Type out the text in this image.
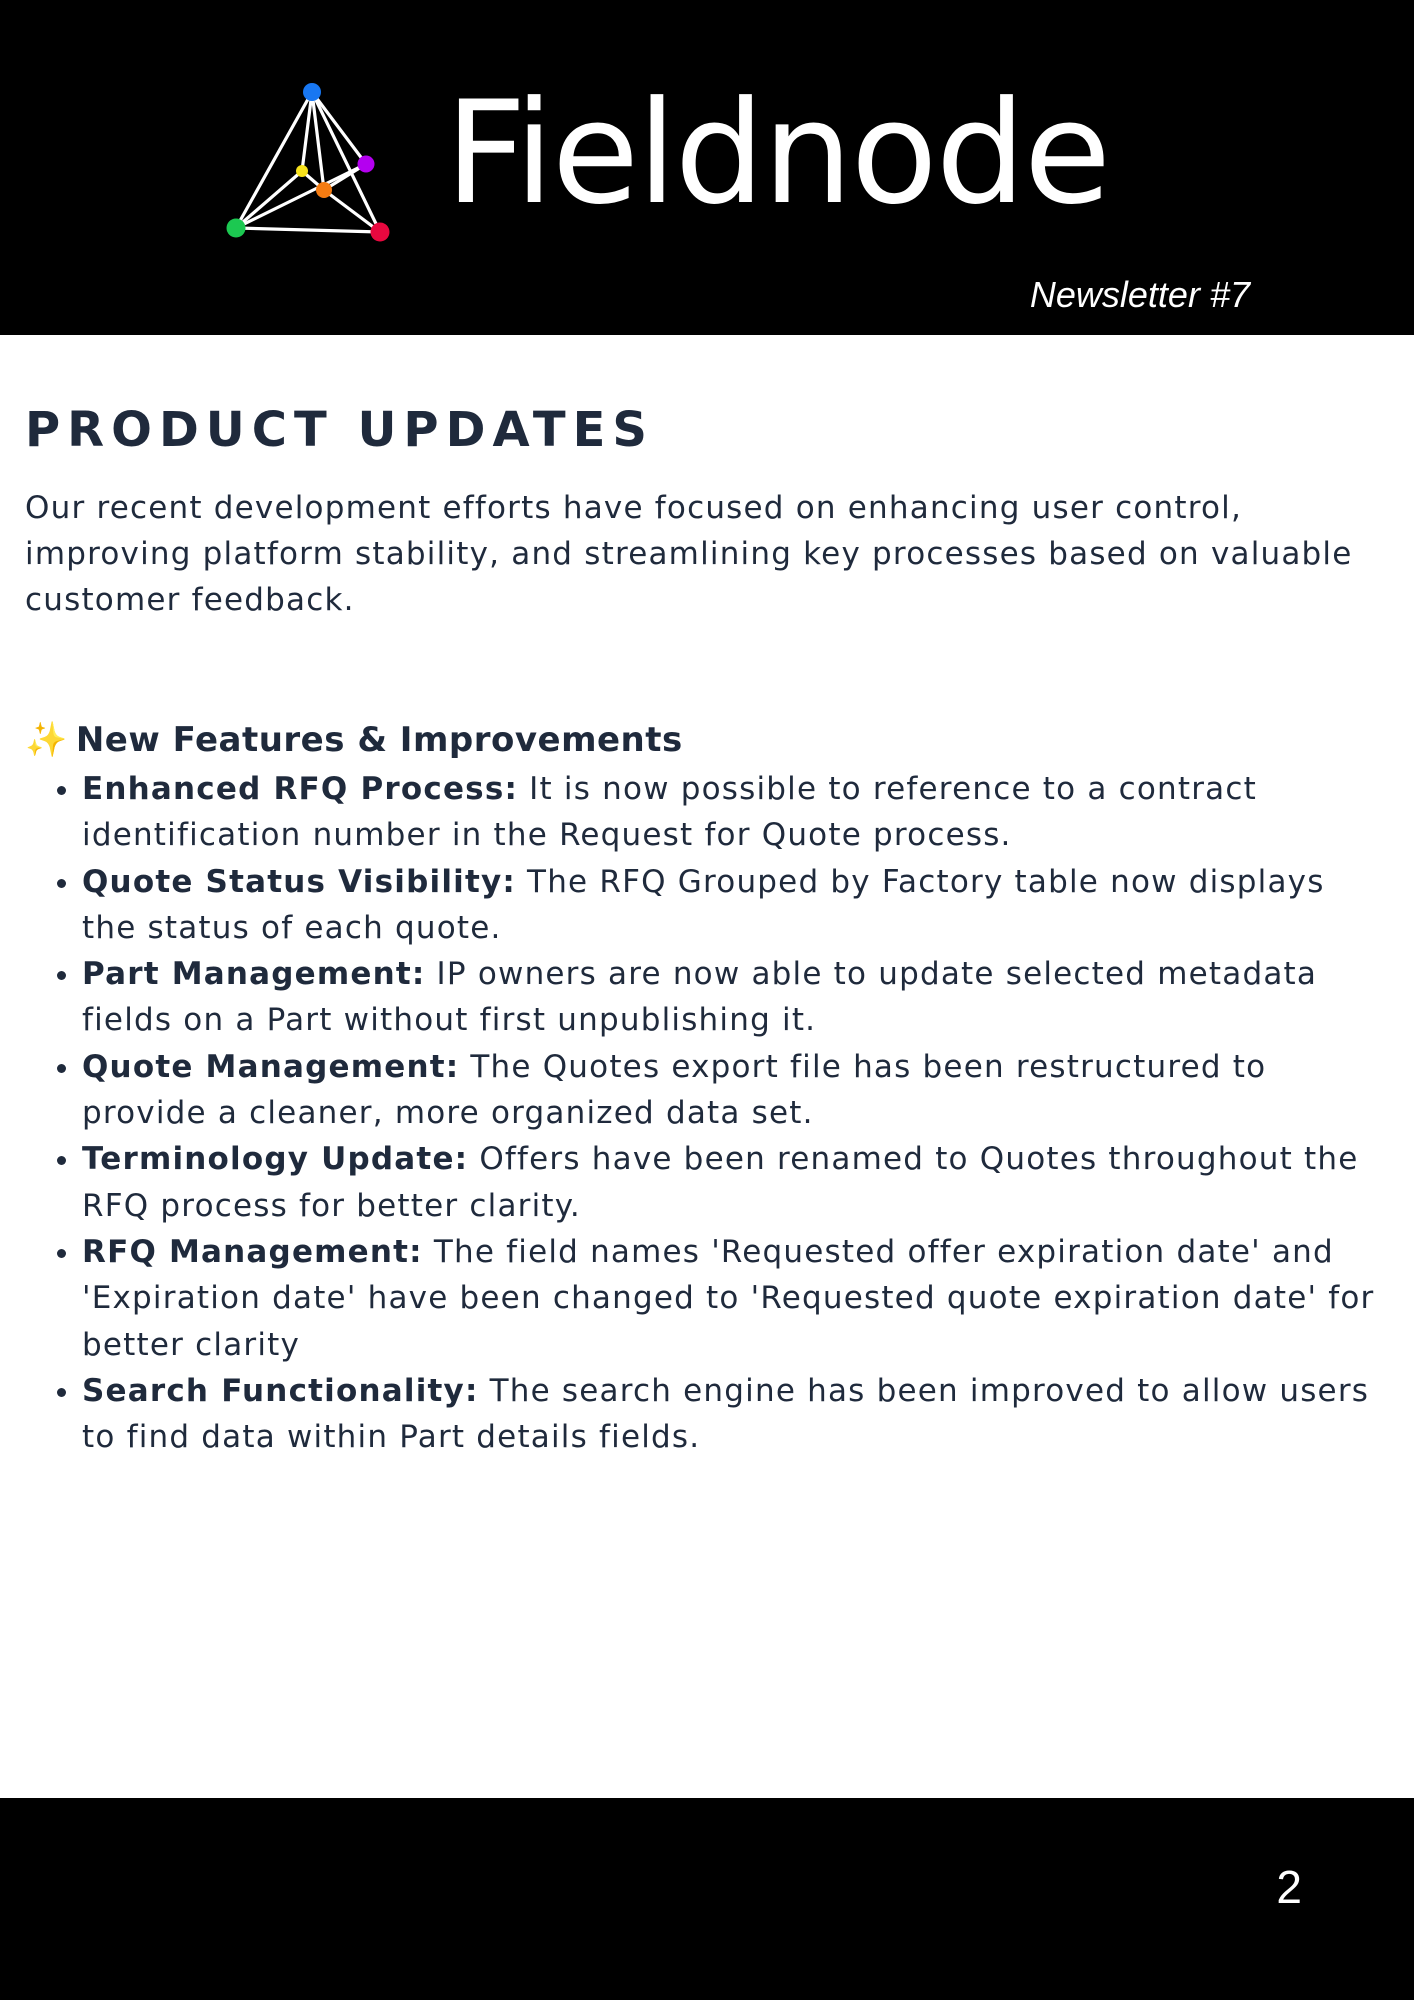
Fieldnode
Newsletter #7
PRODUCT UPDATES

Our recent development efforts have focused on enhancing user control, improving platform stability, and streamlining key processes based on valuable customer feedback.

✨ New Features & Improvements
• Enhanced RFQ Process: It is now possible to reference to a contract identification number in the Request for Quote process.
• Quote Status Visibility: The RFQ Grouped by Factory table now displays the status of each quote.
• Part Management: IP owners are now able to update selected metadata fields on a Part without first unpublishing it.
• Quote Management: The Quotes export file has been restructured to provide a cleaner, more organized data set.
• Terminology Update: Offers have been renamed to Quotes throughout the RFQ process for better clarity.
• RFQ Management: The field names 'Requested offer expiration date' and 'Expiration date' have been changed to 'Requested quote expiration date' for better clarity
• Search Functionality: The search engine has been improved to allow users to find data within Part details fields.
2
